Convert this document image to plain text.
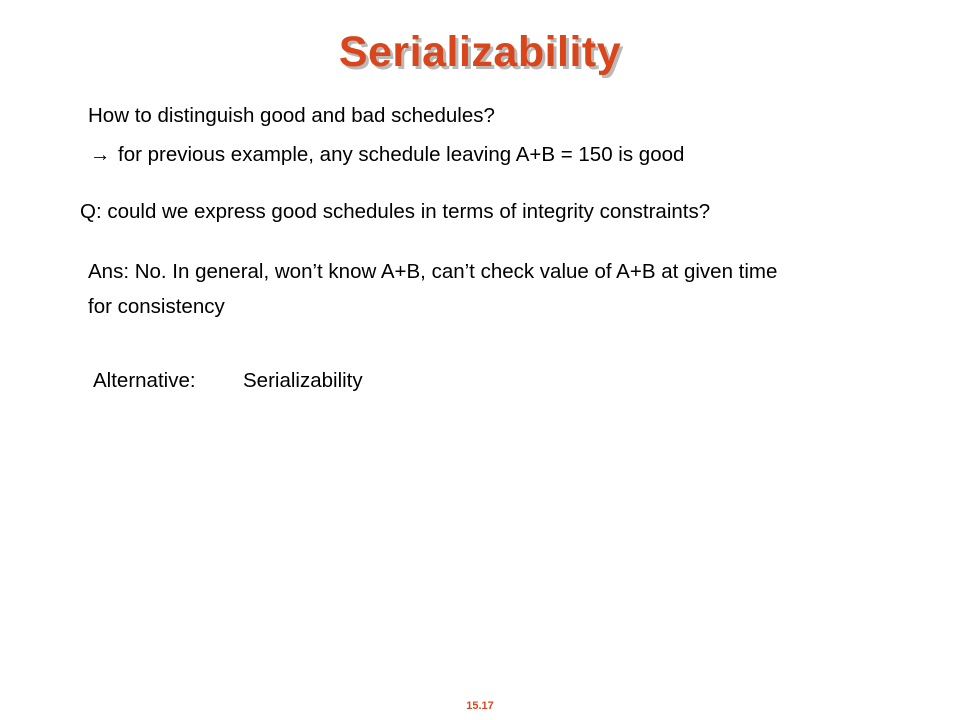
Serializability
How to distinguish good and bad schedules?
→ for previous example, any schedule leaving A+B = 150 is good
Q: could we express good schedules in terms of integrity constraints?
Ans: No. In general, won’t know A+B, can’t check value of A+B at given time
for consistency
Alternative: Serializability
15.17
